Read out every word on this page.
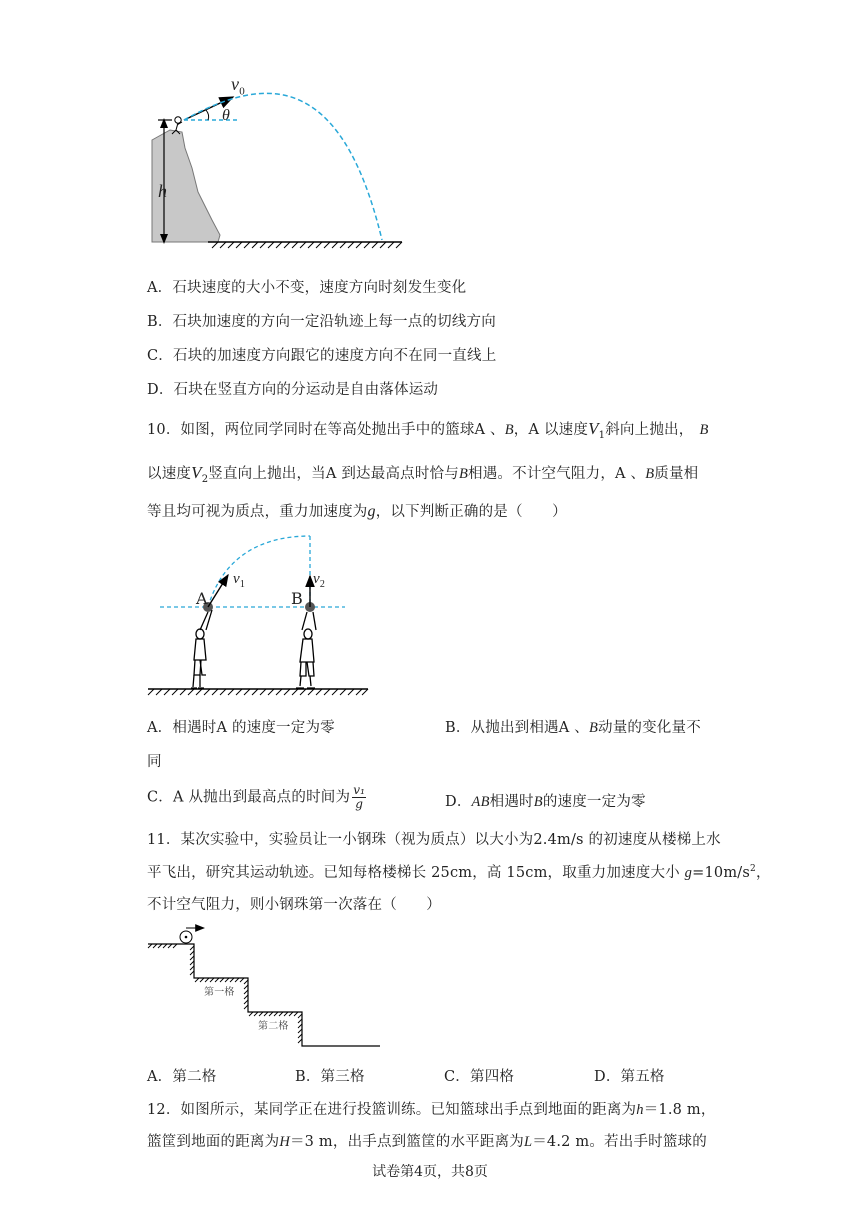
$v_0$
θ
h
A．石块速度的大小不变，速度方向时刻发生变化
B．石块加速度的方向一定沿轨迹上每一点的切线方向
C．石块的加速度方向跟它的速度方向不在同一直线上
D．石块在竖直方向的分运动是自由落体运动
10．如图，两位同学同时在等高处抛出手中的篮球A 、B，A 以速度$V_1$斜向上抛出， B
以速度$V_2$竖直向上抛出，当A 到达最高点时恰与B相遇。不计空气阻力，A 、B质量相
等且均可视为质点，重力加速度为g，以下判断正确的是（　　）
A	B
$v_1$	$v_2$
A．相遇时A 的速度一定为零	B．从抛出到相遇A 、B动量的变化量不
同
C．A 从抛出到最高点的时间为 $\frac{\text{v₁}}{g}$	D．AB相遇时B的速度一定为零
11．某次实验中，实验员让一小钢珠（视为质点）以大小为2.4m/s 的初速度从楼梯上水
平飞出，研究其运动轨迹。已知每格楼梯长 25cm，高 15cm，取重力加速度大小 $g=10m/s^2$，
不计空气阻力，则小钢珠第一次落在（　　）
第一格
第二格
A．第二格	B．第三格	C．第四格	D．第五格
12．如图所示，某同学正在进行投篮训练。已知篮球出手点到地面的距离为h＝1.8 m，
篮筐到地面的距离为H＝3 m，出手点到篮筐的水平距离为L＝4.2 m。若出手时篮球的
试卷第4页，共8页
